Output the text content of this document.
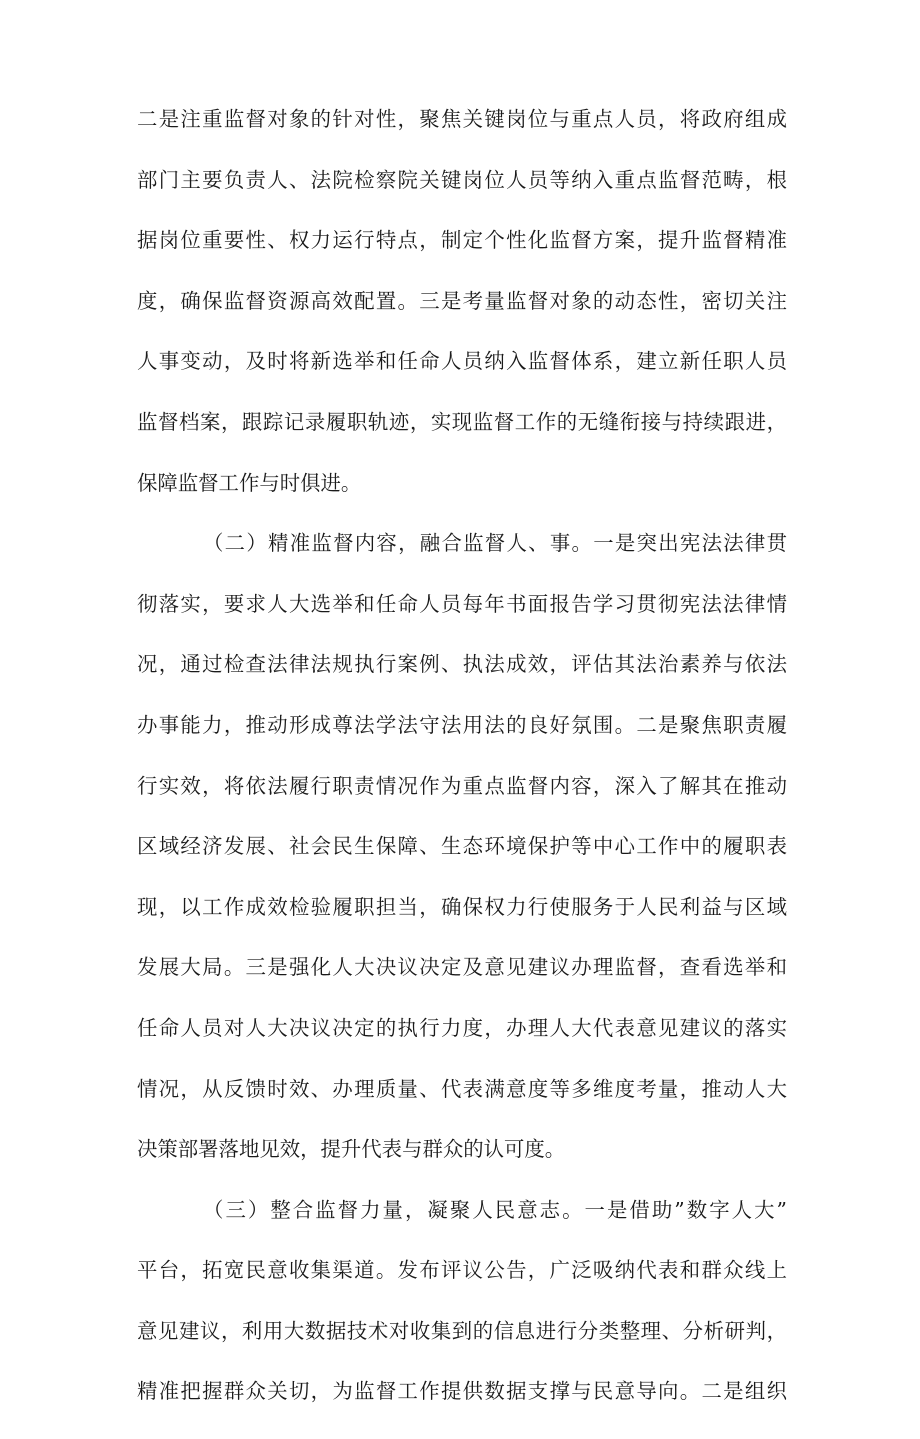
二是注重监督对象的针对性，聚焦关键岗位与重点人员，将政府组成
部门主要负责人、法院检察院关键岗位人员等纳入重点监督范畴，根
据岗位重要性、权力运行特点，制定个性化监督方案，提升监督精准
度，确保监督资源高效配置。三是考量监督对象的动态性，密切关注
人事变动，及时将新选举和任命人员纳入监督体系，建立新任职人员
监督档案，跟踪记录履职轨迹，实现监督工作的无缝衔接与持续跟进，
保障监督工作与时俱进。
（二）精准监督内容，融合监督人、事。一是突出宪法法律贯
彻落实，要求人大选举和任命人员每年书面报告学习贯彻宪法法律情
况，通过检查法律法规执行案例、执法成效，评估其法治素养与依法
办事能力，推动形成尊法学法守法用法的良好氛围。二是聚焦职责履
行实效，将依法履行职责情况作为重点监督内容，深入了解其在推动
区域经济发展、社会民生保障、生态环境保护等中心工作中的履职表
现，以工作成效检验履职担当，确保权力行使服务于人民利益与区域
发展大局。三是强化人大决议决定及意见建议办理监督，查看选举和
任命人员对人大决议决定的执行力度，办理人大代表意见建议的落实
情况，从反馈时效、办理质量、代表满意度等多维度考量，推动人大
决策部署落地见效，提升代表与群众的认可度。
（三）整合监督力量，凝聚人民意志。一是借助”数字人大”
平台，拓宽民意收集渠道。发布评议公告，广泛吸纳代表和群众线上
意见建议，利用大数据技术对收集到的信息进行分类整理、分析研判，
精准把握群众关切，为监督工作提供数据支撑与民意导向。二是组织
